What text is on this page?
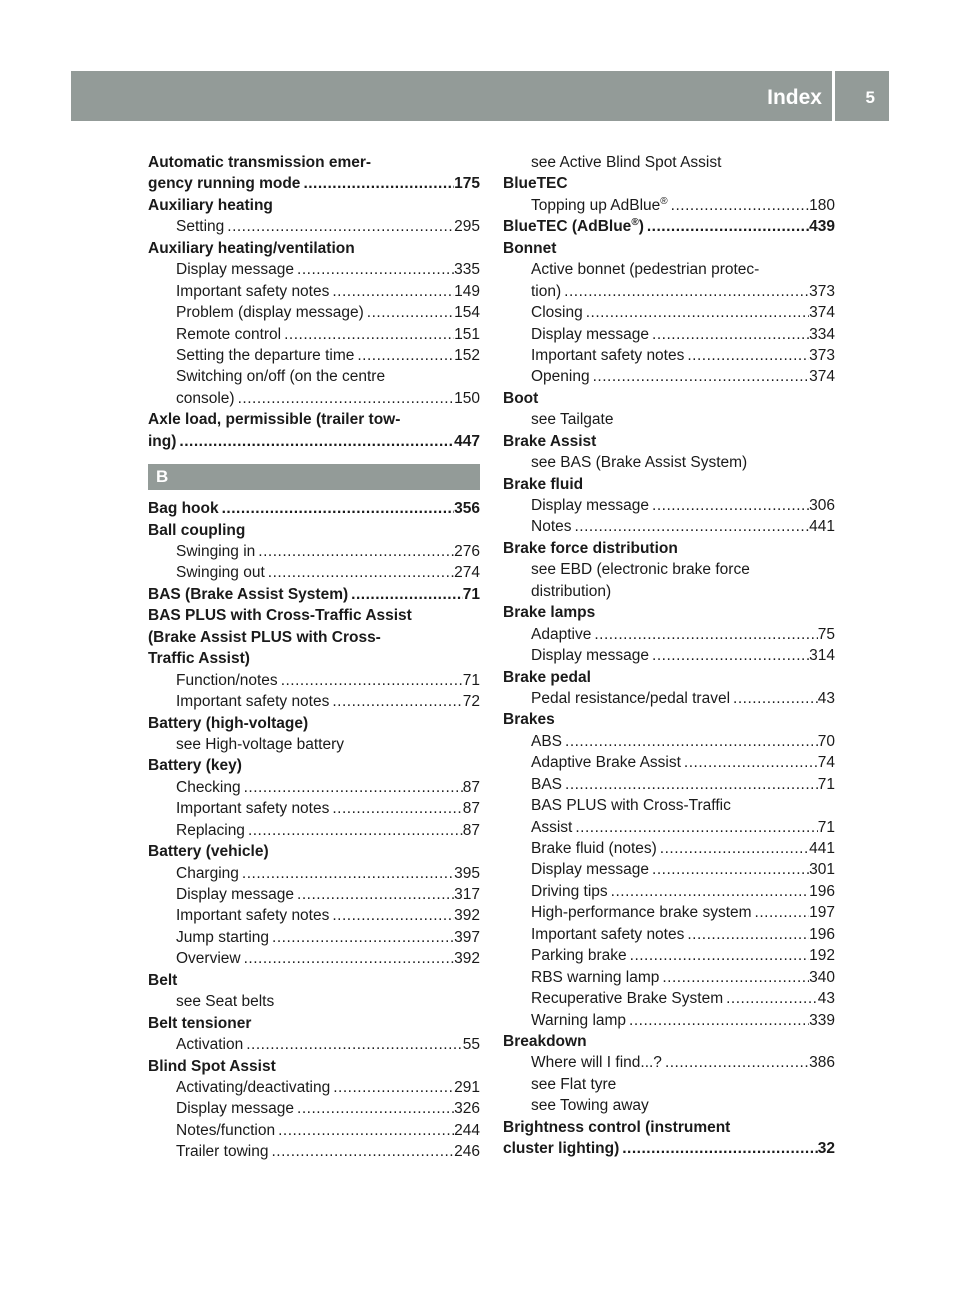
Index	5
Automatic transmission emer-
gency running mode .....	175
Auxiliary heating
Setting .....	295
Auxiliary heating/ventilation
Display message .....	335
Important safety notes .....	149
Problem (display message) .....	154
Remote control .....	151
Setting the departure time .....	152
Switching on/off (on the centre
console) .....	150
Axle load, permissible (trailer tow-
ing) .....	447
B
Bag hook .....	356
Ball coupling
Swinging in .....	276
Swinging out .....	274
BAS (Brake Assist System) .....	71
BAS PLUS with Cross-Traffic Assist
(Brake Assist PLUS with Cross-
Traffic Assist)
Function/notes .....	71
Important safety notes .....	72
Battery (high-voltage)
see High-voltage battery
Battery (key)
Checking .....	87
Important safety notes .....	87
Replacing .....	87
Battery (vehicle)
Charging .....	395
Display message .....	317
Important safety notes .....	392
Jump starting .....	397
Overview .....	392
Belt
see Seat belts
Belt tensioner
Activation .....	55
Blind Spot Assist
Activating/deactivating .....	291
Display message .....	326
Notes/function .....	244
Trailer towing .....	246
see Active Blind Spot Assist
BlueTEC
Topping up AdBlue® .....	180
BlueTEC (AdBlue®) .....	439
Bonnet
Active bonnet (pedestrian protec-
tion) .....	373
Closing .....	374
Display message .....	334
Important safety notes .....	373
Opening .....	374
Boot
see Tailgate
Brake Assist
see BAS (Brake Assist System)
Brake fluid
Display message .....	306
Notes .....	441
Brake force distribution
see EBD (electronic brake force
distribution)
Brake lamps
Adaptive .....	75
Display message .....	314
Brake pedal
Pedal resistance/pedal travel .....	43
Brakes
ABS .....	70
Adaptive Brake Assist .....	74
BAS .....	71
BAS PLUS with Cross-Traffic
Assist .....	71
Brake fluid (notes) .....	441
Display message .....	301
Driving tips .....	196
High-performance brake system .....	197
Important safety notes .....	196
Parking brake .....	192
RBS warning lamp .....	340
Recuperative Brake System .....	43
Warning lamp .....	339
Breakdown
Where will I find...? .....	386
see Flat tyre
see Towing away
Brightness control (instrument
cluster lighting) .....	32
